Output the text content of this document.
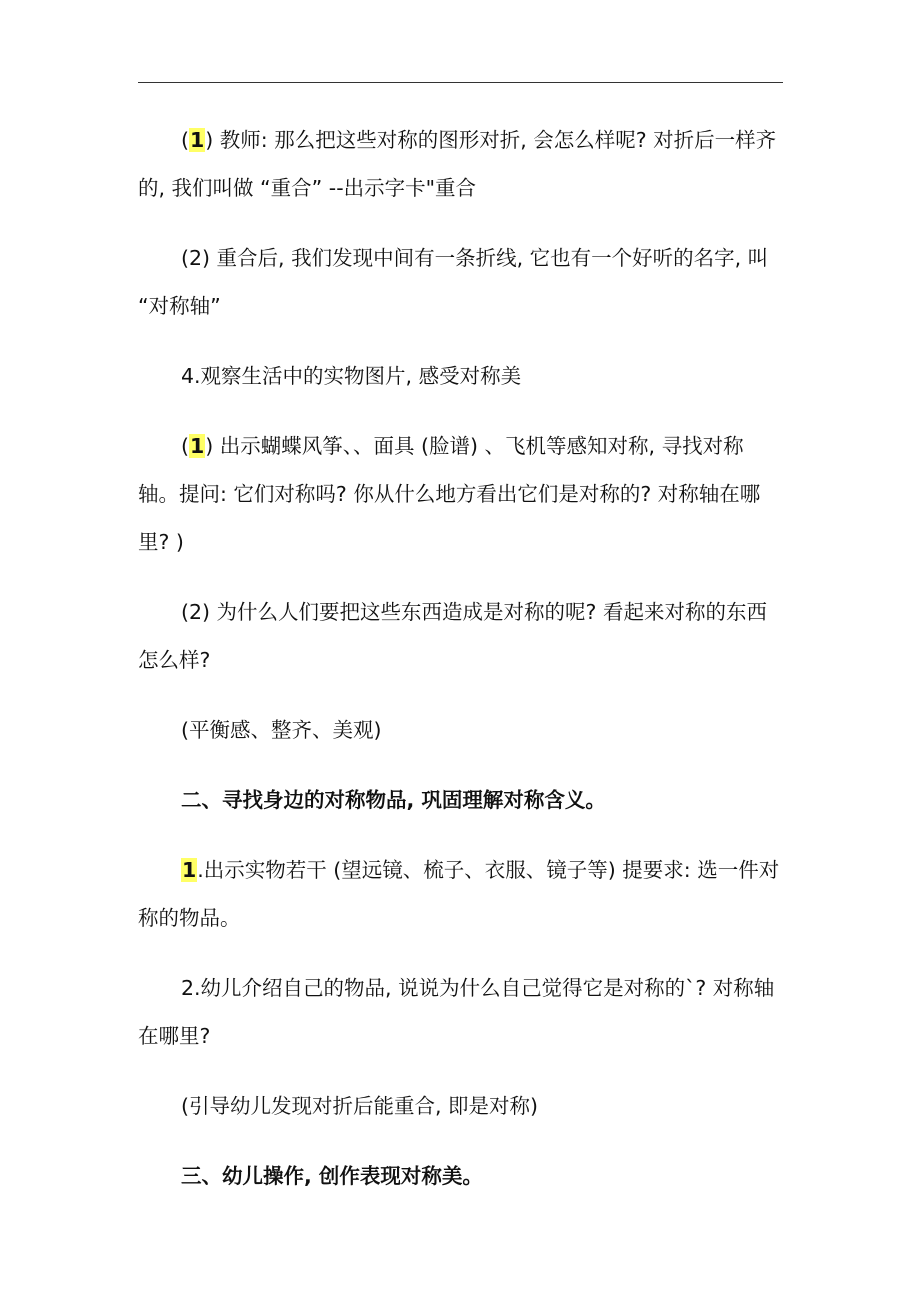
(1) 教师: 那么把这些对称的图形对折, 会怎么样呢? 对折后一样齐的, 我们叫做 “重合” --出示字卡"重合

(2) 重合后, 我们发现中间有一条折线, 它也有一个好听的名字, 叫 “对称轴”

4.观察生活中的实物图片, 感受对称美

(1) 出示蝴蝶风筝、、面具 (脸谱) 、飞机等感知对称, 寻找对称轴。提问: 它们对称吗? 你从什么地方看出它们是对称的? 对称轴在哪里? )

(2) 为什么人们要把这些东西造成是对称的呢? 看起来对称的东西怎么样?

(平衡感、整齐、美观)

二、寻找身边的对称物品, 巩固理解对称含义。

1.出示实物若干 (望远镜、梳子、衣服、镜子等) 提要求: 选一件对称的物品。

2.幼儿介绍自己的物品, 说说为什么自己觉得它是对称的`? 对称轴在哪里?

(引导幼儿发现对折后能重合, 即是对称)

三、幼儿操作, 创作表现对称美。
